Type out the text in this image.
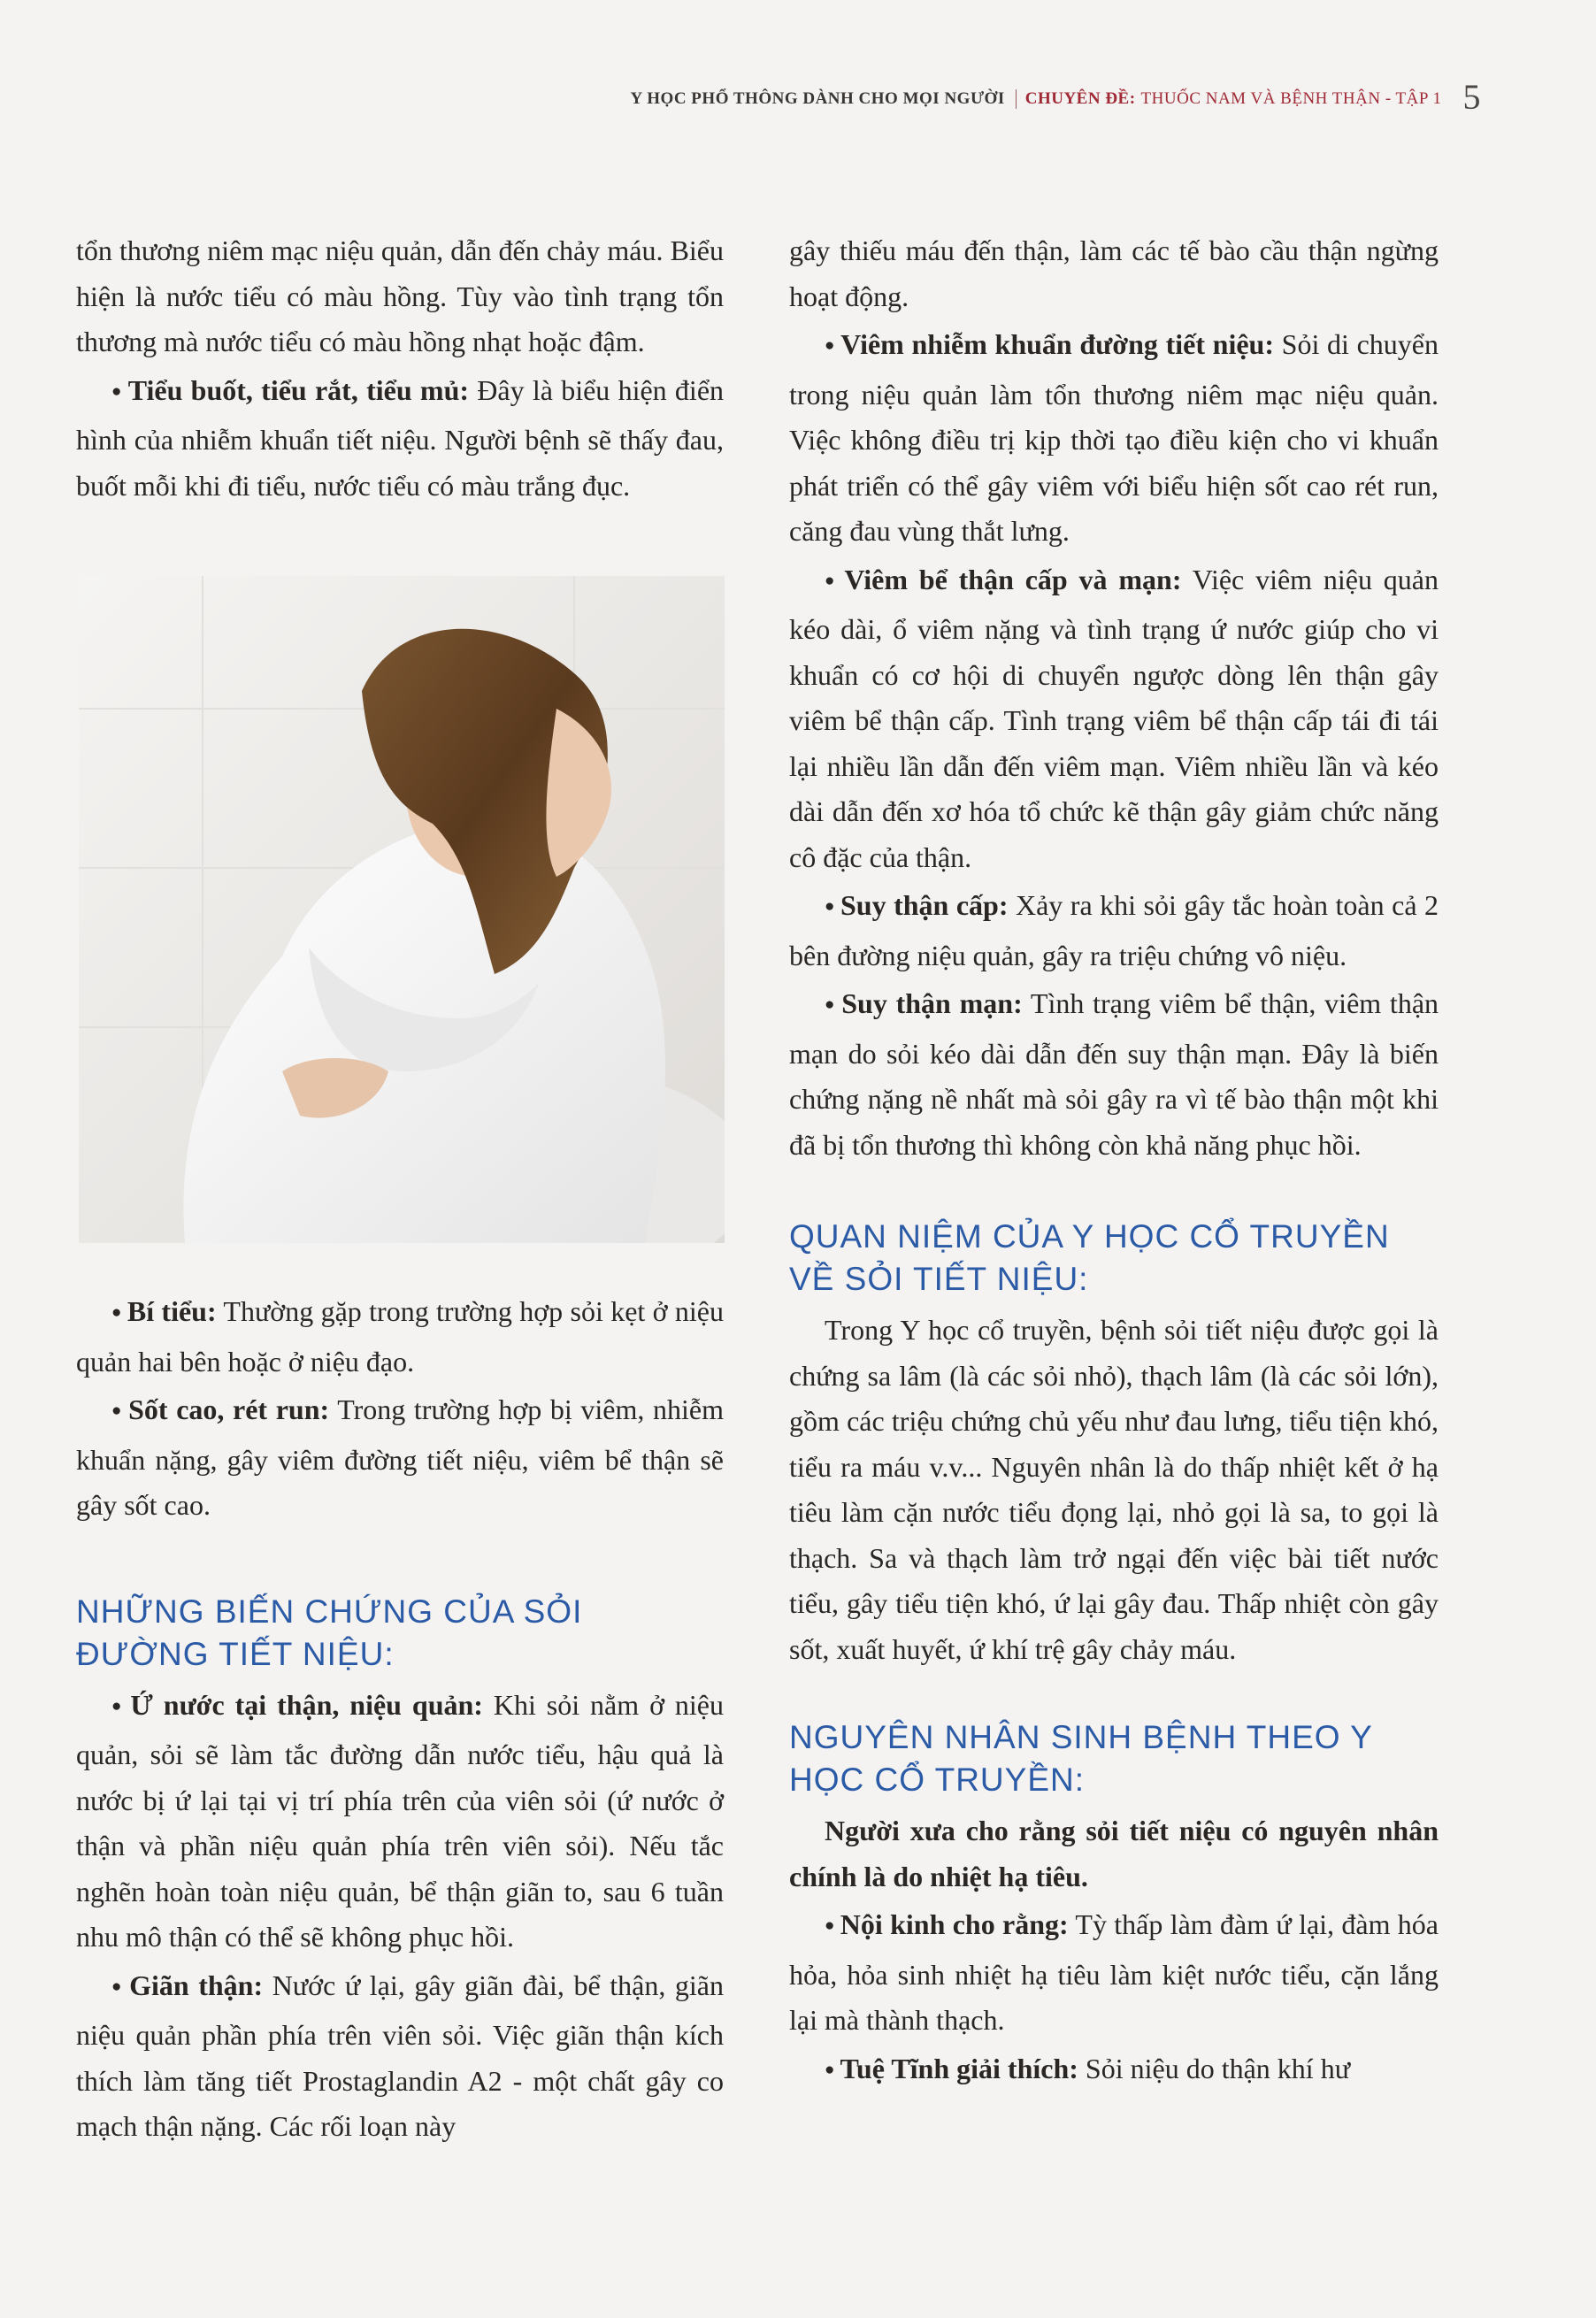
Y HỌC PHỔ THÔNG DÀNH CHO MỌI NGƯỜI	CHUYÊN ĐỀ: THUỐC NAM VÀ BỆNH THẬN - TẬP 1 5

tổn thương niêm mạc niệu quản, dẫn đến chảy máu. Biểu hiện là nước tiểu có màu hồng. Tùy vào tình trạng tổn thương mà nước tiểu có màu hồng nhạt hoặc đậm.

● Tiểu buốt, tiểu rắt, tiểu mủ: Đây là biểu hiện điển hình của nhiễm khuẩn tiết niệu. Người bệnh sẽ thấy đau, buốt mỗi khi đi tiểu, nước tiểu có màu trắng đục.

● Bí tiểu: Thường gặp trong trường hợp sỏi kẹt ở niệu quản hai bên hoặc ở niệu đạo.

● Sốt cao, rét run: Trong trường hợp bị viêm, nhiễm khuẩn nặng, gây viêm đường tiết niệu, viêm bể thận sẽ gây sốt cao.

NHỮNG BIẾN CHỨNG CỦA SỎI ĐƯỜNG TIẾT NIỆU:

● Ứ nước tại thận, niệu quản: Khi sỏi nằm ở niệu quản, sỏi sẽ làm tắc đường dẫn nước tiểu, hậu quả là nước bị ứ lại tại vị trí phía trên của viên sỏi (ứ nước ở thận và phần niệu quản phía trên viên sỏi). Nếu tắc nghẽn hoàn toàn niệu quản, bể thận giãn to, sau 6 tuần nhu mô thận có thể sẽ không phục hồi.

● Giãn thận: Nước ứ lại, gây giãn đài, bể thận, giãn niệu quản phần phía trên viên sỏi. Việc giãn thận kích thích làm tăng tiết Prostaglandin A2 - một chất gây co mạch thận nặng. Các rối loạn này

gây thiếu máu đến thận, làm các tế bào cầu thận ngừng hoạt động.

● Viêm nhiễm khuẩn đường tiết niệu: Sỏi di chuyển trong niệu quản làm tổn thương niêm mạc niệu quản. Việc không điều trị kịp thời tạo điều kiện cho vi khuẩn phát triển có thể gây viêm với biểu hiện sốt cao rét run, căng đau vùng thắt lưng.

● Viêm bể thận cấp và mạn: Việc viêm niệu quản kéo dài, ổ viêm nặng và tình trạng ứ nước giúp cho vi khuẩn có cơ hội di chuyển ngược dòng lên thận gây viêm bể thận cấp. Tình trạng viêm bể thận cấp tái đi tái lại nhiều lần dẫn đến viêm mạn. Viêm nhiều lần và kéo dài dẫn đến xơ hóa tổ chức kẽ thận gây giảm chức năng cô đặc của thận.

● Suy thận cấp: Xảy ra khi sỏi gây tắc hoàn toàn cả 2 bên đường niệu quản, gây ra triệu chứng vô niệu.

● Suy thận mạn: Tình trạng viêm bể thận, viêm thận mạn do sỏi kéo dài dẫn đến suy thận mạn. Đây là biến chứng nặng nề nhất mà sỏi gây ra vì tế bào thận một khi đã bị tổn thương thì không còn khả năng phục hồi.

QUAN NIỆM CỦA Y HỌC CỔ TRUYỀN VỀ SỎI TIẾT NIỆU:

Trong Y học cổ truyền, bệnh sỏi tiết niệu được gọi là chứng sa lâm (là các sỏi nhỏ), thạch lâm (là các sỏi lớn), gồm các triệu chứng chủ yếu như đau lưng, tiểu tiện khó, tiểu ra máu v.v... Nguyên nhân là do thấp nhiệt kết ở hạ tiêu làm cặn nước tiểu đọng lại, nhỏ gọi là sa, to gọi là thạch. Sa và thạch làm trở ngại đến việc bài tiết nước tiểu, gây tiểu tiện khó, ứ lại gây đau. Thấp nhiệt còn gây sốt, xuất huyết, ứ khí trệ gây chảy máu.

NGUYÊN NHÂN SINH BỆNH THEO Y HỌC CỔ TRUYỀN:

Người xưa cho rằng sỏi tiết niệu có nguyên nhân chính là do nhiệt hạ tiêu.

● Nội kinh cho rằng: Tỳ thấp làm đàm ứ lại, đàm hóa hỏa, hỏa sinh nhiệt hạ tiêu làm kiệt nước tiểu, cặn lắng lại mà thành thạch.

● Tuệ Tĩnh giải thích: Sỏi niệu do thận khí hư
